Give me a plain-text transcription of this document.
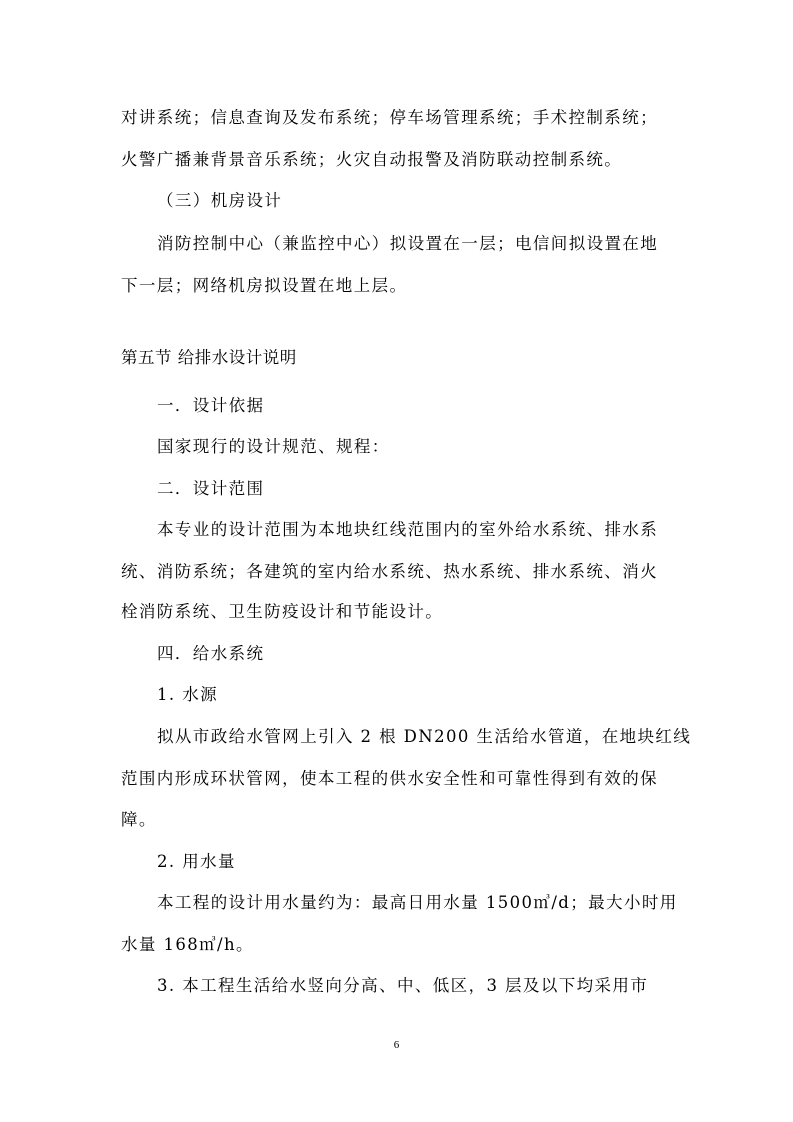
对讲系统；信息查询及发布系统；停车场管理系统；手术控制系统；
火警广播兼背景音乐系统；火灾自动报警及消防联动控制系统。
（三）机房设计
消防控制中心（兼监控中心）拟设置在一层；电信间拟设置在地
下一层；网络机房拟设置在地上层。
第五节 给排水设计说明
一．设计依据
国家现行的设计规范、规程：
二．设计范围
本专业的设计范围为本地块红线范围内的室外给水系统、排水系
统、消防系统；各建筑的室内给水系统、热水系统、排水系统、消火
栓消防系统、卫生防疫设计和节能设计。
四．给水系统
1. 水源
拟从市政给水管网上引入 2 根 DN200 生活给水管道，在地块红线
范围内形成环状管网，使本工程的供水安全性和可靠性得到有效的保
障。
2. 用水量
本工程的设计用水量约为：最高日用水量 1500㎥/d；最大小时用
水量 168㎥/h。
3. 本工程生活给水竖向分高、中、低区，3 层及以下均采用市
6
